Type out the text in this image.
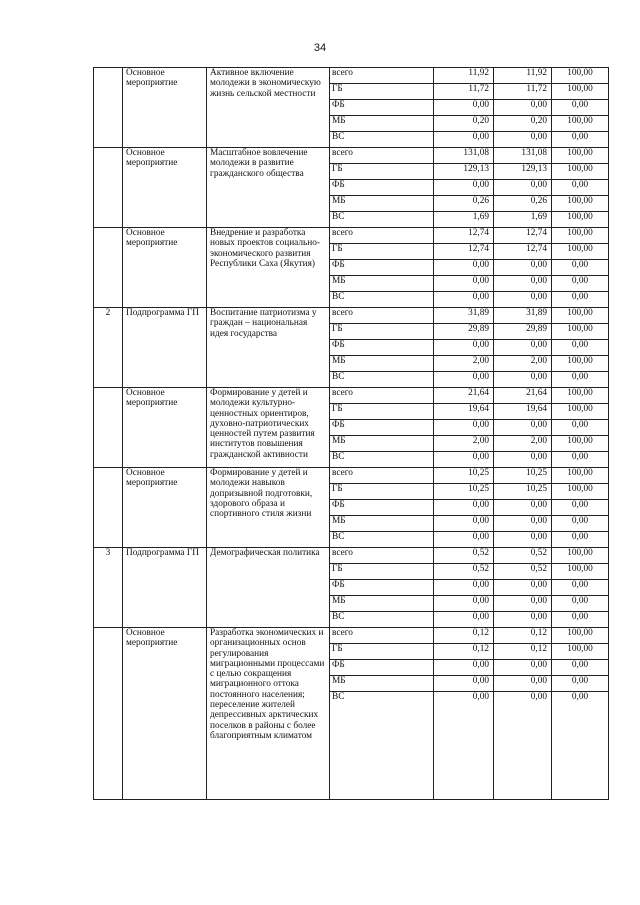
34
	Основное мероприятие	Активное включение молодежи в экономическую жизнь сельской местности	всего	11,92	11,92	100,00
			ГБ	11,72	11,72	100,00
			ФБ	0,00	0,00	0,00
			МБ	0,20	0,20	100,00
			ВС	0,00	0,00	0,00
	Основное мероприятие	Масштабное вовлечение молодежи в развитие гражданского общества	всего	131,08	131,08	100,00
			ГБ	129,13	129,13	100,00
			ФБ	0,00	0,00	0,00
			МБ	0,26	0,26	100,00
			ВС	1,69	1,69	100,00
	Основное мероприятие	Внедрение и разработка новых проектов социально-экономического развития Республики Саха (Якутия)	всего	12,74	12,74	100,00
			ГБ	12,74	12,74	100,00
			ФБ	0,00	0,00	0,00
			МБ	0,00	0,00	0,00
			ВС	0,00	0,00	0,00
2	Подпрограмма ГП	Воспитание патриотизма у граждан – национальная идея государства	всего	31,89	31,89	100,00
			ГБ	29,89	29,89	100,00
			ФБ	0,00	0,00	0,00
			МБ	2,00	2,00	100,00
			ВС	0,00	0,00	0,00
	Основное мероприятие	Формирование у детей и молодежи культурно-ценностных ориентиров, духовно-патриотических ценностей путем развития институтов повышения гражданской активности	всего	21,64	21,64	100,00
			ГБ	19,64	19,64	100,00
			ФБ	0,00	0,00	0,00
			МБ	2,00	2,00	100,00
			ВС	0,00	0,00	0,00
	Основное мероприятие	Формирование у детей и молодежи навыков допризывной подготовки, здорового образа и спортивного стиля жизни	всего	10,25	10,25	100,00
			ГБ	10,25	10,25	100,00
			ФБ	0,00	0,00	0,00
			МБ	0,00	0,00	0,00
			ВС	0,00	0,00	0,00
3	Подпрограмма ГП	Демографическая политика	всего	0,52	0,52	100,00
			ГБ	0,52	0,52	100,00
			ФБ	0,00	0,00	0,00
			МБ	0,00	0,00	0,00
			ВС	0,00	0,00	0,00
	Основное мероприятие	Разработка экономических и организационных основ регулирования миграционными процессами с целью сокращения миграционного оттока постоянного населения; переселение жителей депрессивных арктических поселков в районы с более благоприятным климатом	всего	0,12	0,12	100,00
			ГБ	0,12	0,12	100,00
			ФБ	0,00	0,00	0,00
			МБ	0,00	0,00	0,00
			ВС	0,00	0,00	0,00
